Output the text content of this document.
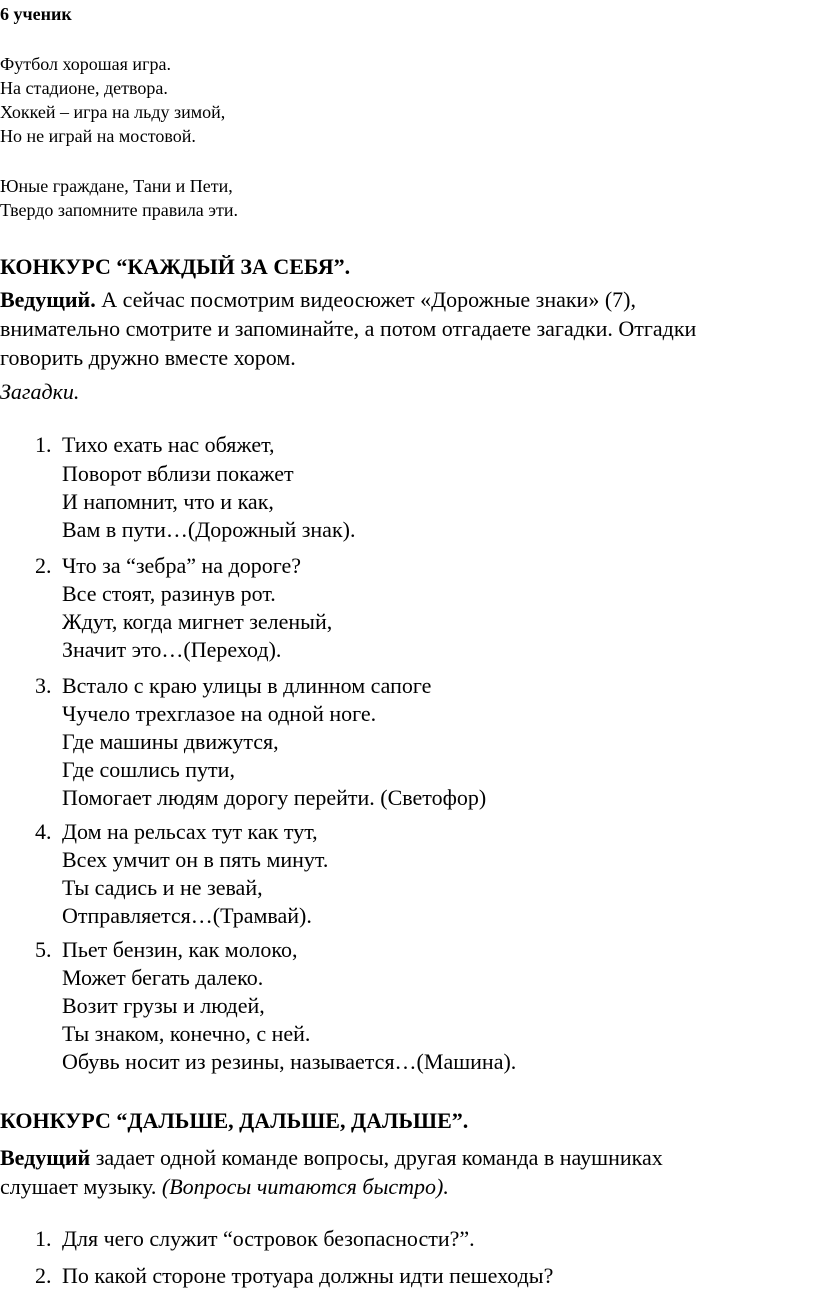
6 ученик
Футбол хорошая игра.
На стадионе, детвора.
Хоккей – игра на льду зимой,
Но не играй на мостовой.
Юные граждане, Тани и Пети,
Твердо запомните правила эти.
КОНКУРС “КАЖДЫЙ ЗА СЕБЯ”.
Ведущий. А сейчас посмотрим видеосюжет «Дорожные знаки» (7),
внимательно смотрите и запоминайте, а потом отгадаете загадки. Отгадки
говорить дружно вместе хором.
Загадки.
1. Тихо ехать нас обяжет,
Поворот вблизи покажет
И напомнит, что и как,
Вам в пути…(Дорожный знак).
2. Что за “зебра” на дороге?
Все стоят, разинув рот.
Ждут, когда мигнет зеленый,
Значит это…(Переход).
3. Встало с краю улицы в длинном сапоге
Чучело трехглазое на одной ноге.
Где машины движутся,
Где сошлись пути,
Помогает людям дорогу перейти. (Светофор)
4. Дом на рельсах тут как тут,
Всех умчит он в пять минут.
Ты садись и не зевай,
Отправляется…(Трамвай).
5. Пьет бензин, как молоко,
Может бегать далеко.
Возит грузы и людей,
Ты знаком, конечно, с ней.
Обувь носит из резины, называется…(Машина).
КОНКУРС “ДАЛЬШЕ, ДАЛЬШЕ, ДАЛЬШЕ”.
Ведущий задает одной команде вопросы, другая команда в наушниках
слушает музыку. (Вопросы читаются быстро).
1. Для чего служит “островок безопасности?”.
2. По какой стороне тротуара должны идти пешеходы?
